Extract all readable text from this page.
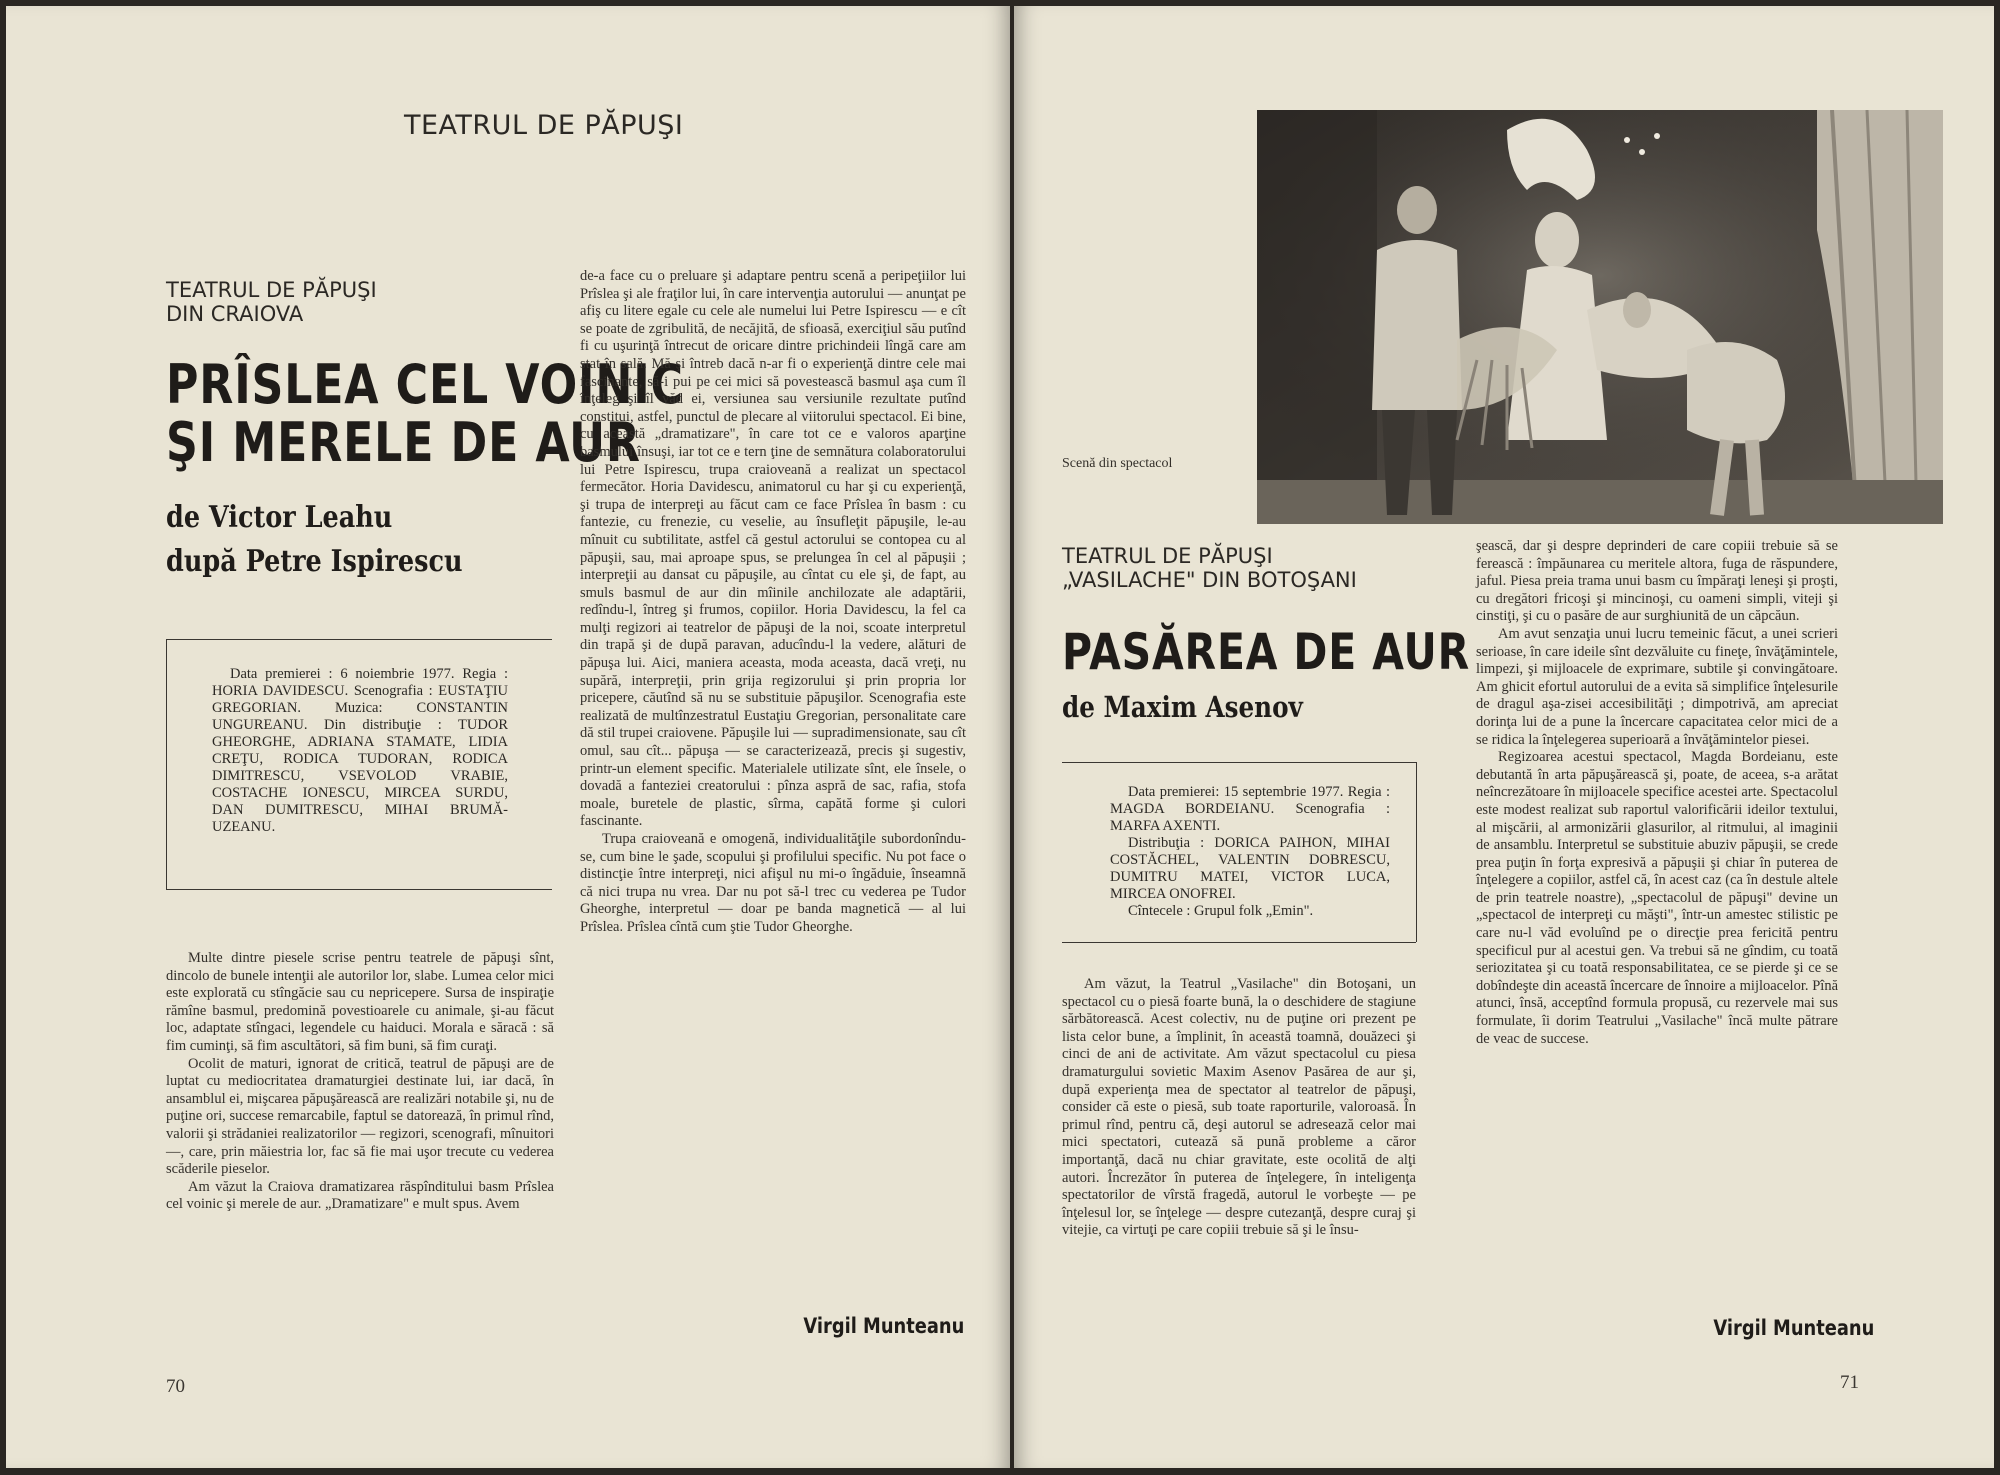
TEATRUL DE PĂPUŞI
TEATRUL DE PĂPUŞI
DIN CRAIOVA
PRÎSLEA CEL VOINIC
ŞI MERELE DE AUR
de Victor Leahu
după Petre Ispirescu

Data premierei : 6 noiembrie 1977. Regia : HORIA DAVIDESCU. Scenografia : EUSTAŢIU GREGORIAN. Muzica: CONSTANTIN UNGUREANU. Din distribuţie : TUDOR GHEORGHE, ADRIANA STAMATE, LIDIA CREŢU, RODICA TUDORAN, RODICA DIMITRESCU, VSEVOLOD VRABIE, COSTACHE IONESCU, MIRCEA SURDU, DAN DUMITRESCU, MIHAI BRUMĂ-UZEANU.

Multe dintre piesele scrise pentru teatrele de păpuşi sînt, dincolo de bunele intenţii ale autorilor lor, slabe. Lumea celor mici este explorată cu stîngăcie sau cu nepricepere. Sursa de inspiraţie rămîne basmul, predomină povestioarele cu animale, şi-au făcut loc, adaptate stîngaci, legendele cu haiduci. Morala e săracă : să fim cuminţi, să fim ascultători, să fim buni, să fim curaţi.

Ocolit de maturi, ignorat de critică, teatrul de păpuşi are de luptat cu mediocritatea dramaturgiei destinate lui, iar dacă, în ansamblul ei, mişcarea păpuşărească are realizări notabile şi, nu de puţine ori, succese remarcabile, faptul se datorează, în primul rînd, valorii şi strădaniei realizatorilor — regizori, scenografi, mînuitori —, care, prin măiestria lor, fac să fie mai uşor trecute cu vederea scăderile pieselor.

Am văzut la Craiova dramatizarea răspînditului basm Prîslea cel voinic şi merele de aur. „Dramatizare" e mult spus. Avem

de-a face cu o preluare şi adaptare pentru scenă a peripeţiilor lui Prîslea şi ale fraţilor lui, în care intervenţia autorului — anunţat pe afiş cu litere egale cu cele ale numelui lui Petre Ispirescu — e cît se poate de zgribulită, de necăjită, de sfioasă, exerciţiul său putînd fi cu uşurinţă întrecut de oricare dintre prichindeii lîngă care am stat în sală. Mă şi întreb dacă n-ar fi o experienţă dintre cele mai fascinante, să-i pui pe cei mici să povestească basmul aşa cum îl înţeleg şi îl văd ei, versiunea sau versiunile rezultate putînd constitui, astfel, punctul de plecare al viitorului spectacol. Ei bine, cu această „dramatizare", în care tot ce e valoros aparţine basmului însuşi, iar tot ce e tern ţine de semnătura colaboratorului lui Petre Ispirescu, trupa craioveană a realizat un spectacol fermecător. Horia Davidescu, animatorul cu har şi cu experienţă, şi trupa de interpreţi au făcut cam ce face Prîslea în basm : cu fantezie, cu frenezie, cu veselie, au însufleţit păpuşile, le-au mînuit cu subtilitate, astfel că gestul actorului se contopea cu al păpuşii, sau, mai aproape spus, se prelungea în cel al păpuşii ; interpreţii au dansat cu păpuşile, au cîntat cu ele şi, de fapt, au smuls basmul de aur din mîinile anchilozate ale adaptării, redîndu-l, întreg şi frumos, copiilor. Horia Davidescu, la fel ca mulţi regizori ai teatrelor de păpuşi de la noi, scoate interpretul din trapă şi de după paravan, aducîndu-l la vedere, alături de păpuşa lui. Aici, maniera aceasta, moda aceasta, dacă vreţi, nu supără, interpreţii, prin grija regizorului şi prin propria lor pricepere, căutînd să nu se substituie păpuşilor. Scenografia este realizată de multînzestratul Eustaţiu Gregorian, personalitate care dă stil trupei craiovene. Păpuşile lui — supradimensionate, sau cît omul, sau cît... păpuşa — se caracterizează, precis şi sugestiv, printr-un element specific. Materialele utilizate sînt, ele însele, o dovadă a fanteziei creatorului : pînza aspră de sac, rafia, stofa moale, buretele de plastic, sîrma, capătă forme şi culori fascinante.

Trupa craioveană e omogenă, individualităţile subordonîndu-se, cum bine le şade, scopului şi profilului specific. Nu pot face o distincţie între interpreţi, nici afişul nu mi-o îngăduie, înseamnă că nici trupa nu vrea. Dar nu pot să-l trec cu vederea pe Tudor Gheorghe, interpretul — doar pe banda magnetică — al lui Prîslea. Prîslea cîntă cum ştie Tudor Gheorghe.

Virgil Munteanu
70
Scenă din spectacol
TEATRUL DE PĂPUŞI
„VASILACHE" DIN BOTOŞANI
PASĂREA DE AUR
de Maxim Asenov

Data premierei: 15 septembrie 1977. Regia : MAGDA BORDEIANU. Scenografia : MARFA AXENTI.

Distribuţia : DORICA PAIHON, MIHAI COSTĂCHEL, VALENTIN DOBRESCU, DUMITRU MATEI, VICTOR LUCA, MIRCEA ONOFREI.

Cîntecele : Grupul folk „Emin".

Am văzut, la Teatrul „Vasilache" din Botoşani, un spectacol cu o piesă foarte bună, la o deschidere de stagiune sărbătorească. Acest colectiv, nu de puţine ori prezent pe lista celor bune, a împlinit, în această toamnă, douăzeci şi cinci de ani de activitate. Am văzut spectacolul cu piesa dramaturgului sovietic Maxim Asenov Pasărea de aur şi, după experienţa mea de spectator al teatrelor de păpuşi, consider că este o piesă, sub toate raporturile, valoroasă. În primul rînd, pentru că, deşi autorul se adresează celor mai mici spectatori, cutează să pună probleme a căror importanţă, dacă nu chiar gravitate, este ocolită de alţi autori. Încrezător în puterea de înţelegere, în inteligenţa spectatorilor de vîrstă fragedă, autorul le vorbeşte — pe înţelesul lor, se înţelege — despre cutezanţă, despre curaj şi vitejie, ca virtuţi pe care copiii trebuie să şi le însu-

şească, dar şi despre deprinderi de care copiii trebuie să se ferească : împăunarea cu meritele altora, fuga de răspundere, jaful. Piesa preia trama unui basm cu împăraţi leneşi şi proşti, cu dregători fricoşi şi mincinoşi, cu oameni simpli, viteji şi cinstiţi, şi cu o pasăre de aur surghiunită de un căpcăun.

Am avut senzaţia unui lucru temeinic făcut, a unei scrieri serioase, în care ideile sînt dezvăluite cu fineţe, învăţămintele, limpezi, şi mijloacele de exprimare, subtile şi convingătoare. Am ghicit efortul autorului de a evita să simplifice înţelesurile de dragul aşa-zisei accesibilităţi ; dimpotrivă, am apreciat dorinţa lui de a pune la încercare capacitatea celor mici de a se ridica la înţelegerea superioară a învăţămintelor piesei.

Regizoarea acestui spectacol, Magda Bordeianu, este debutantă în arta păpuşărească şi, poate, de aceea, s-a arătat neîncrezătoare în mijloacele specifice acestei arte. Spectacolul este modest realizat sub raportul valorificării ideilor textului, al mişcării, al armonizării glasurilor, al ritmului, al imaginii de ansamblu. Interpretul se substituie abuziv păpuşii, se crede prea puţin în forţa expresivă a păpuşii şi chiar în puterea de înţelegere a copiilor, astfel că, în acest caz (ca în destule altele de prin teatrele noastre), „spectacolul de păpuşi" devine un „spectacol de interpreţi cu măşti", într-un amestec stilistic pe care nu-l văd evoluînd pe o direcţie prea fericită pentru specificul pur al acestui gen. Va trebui să ne gîndim, cu toată seriozitatea şi cu toată responsabilitatea, ce se pierde şi ce se dobîndeşte din această încercare de înnoire a mijloacelor. Pînă atunci, însă, acceptînd formula propusă, cu rezervele mai sus formulate, îi dorim Teatrului „Vasilache" încă multe pătrare de veac de succese.

Virgil Munteanu
71
